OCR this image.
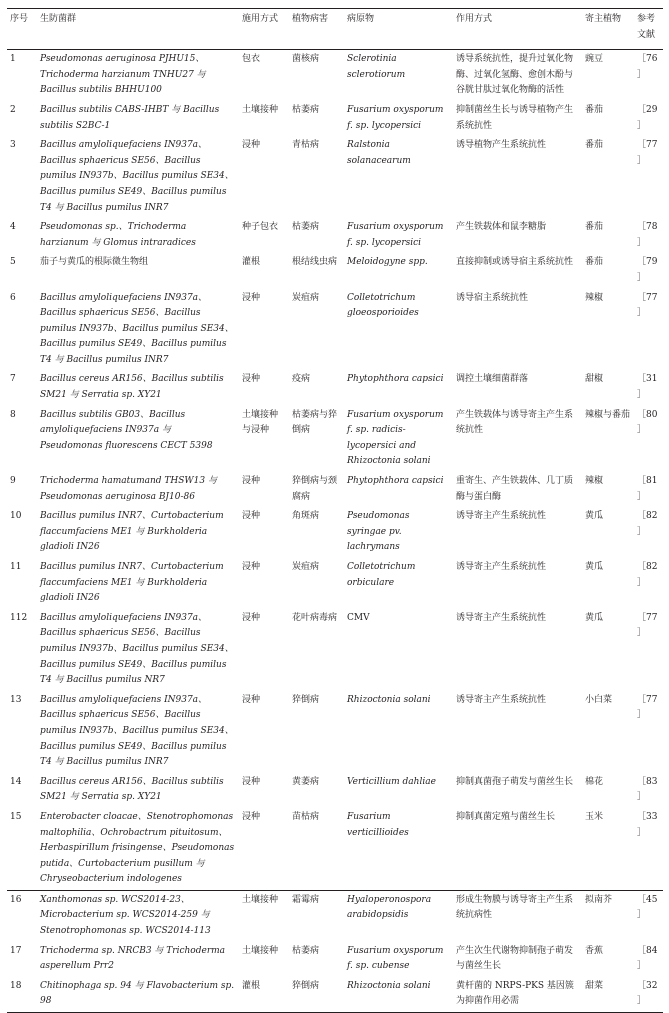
序号	生防菌群	施用方式	植物病害	病原物	作用方式	寄主植物	参考文献
1	Pseudomonas aeruginosa PJHU15、Trichoderma harzianum TNHU27 与 Bacillus subtilis BHHU100	包衣	菌核病	Sclerotinia sclerotiorum	诱导系统抗性，提升过氧化物酶、过氧化氢酶、愈创木酚与谷胱甘肽过氧化物酶的活性	豌豆	［76］
2	Bacillus subtilis CABS-IHBT 与 Bacillus subtilis S2BC-1	土壤接种	枯萎病	Fusarium oxysporum f. sp. lycopersici	抑制菌丝生长与诱导植物产生系统抗性	番茄	［29］
3	Bacillus amyloliquefaciens IN937a、Bacillus sphaericus SE56、Bacillus pumilus IN937b、Bacillus pumilus SE34、Bacillus pumilus SE49、Bacillus pumilus T4 与 Bacillus pumilus INR7	浸种	青枯病	Ralstonia solanacearum	诱导植物产生系统抗性	番茄	［77］
4	Pseudomonas sp.、Trichoderma harzianum 与 Glomus intraradices	种子包衣	枯萎病	Fusarium oxysporum f. sp. lycopersici	产生铁载体和鼠李糖脂	番茄	［78］
5	茄子与黄瓜的根际微生物组	灌根	根结线虫病	Meloidogyne spp.	直接抑制或诱导宿主系统抗性	番茄	［79］
6	Bacillus amyloliquefaciens IN937a、Bacillus sphaericus SE56、Bacillus pumilus IN937b、Bacillus pumilus SE34、Bacillus pumilus SE49、Bacillus pumilus T4 与 Bacillus pumilus INR7	浸种	炭疽病	Colletotrichum gloeosporioides	诱导宿主系统抗性	辣椒	［77］
7	Bacillus cereus AR156、Bacillus subtilis SM21 与 Serratia sp. XY21	浸种	疫病	Phytophthora capsici	调控土壤细菌群落	甜椒	［31］
8	Bacillus subtilis GB03、Bacillus amyloliquefaciens IN937a 与 Pseudomonas fluorescens CECT 5398	土壤接种与浸种	枯萎病与猝倒病	Fusarium oxysporum f. sp. radicis-lycopersici and Rhizoctonia solani	产生铁载体与诱导寄主产生系统抗性	辣椒与番茄	［80］
9	Trichoderma hamatumand THSW13 与 Pseudomonas aeruginosa BJ10-86	浸种	猝倒病与颈腐病	Phytophthora capsici	重寄生、产生铁载体、几丁质酶与蛋白酶	辣椒	［81］
10	Bacillus pumilus INR7、Curtobacterium flaccumfaciens ME1 与 Burkholderia gladioli IN26	浸种	角斑病	Pseudomonas syringae pv. lachrymans	诱导寄主产生系统抗性	黄瓜	［82］
11	Bacillus pumilus INR7、Curtobacterium flaccumfaciens ME1 与 Burkholderia gladioli IN26	浸种	炭疽病	Colletotrichum orbiculare	诱导寄主产生系统抗性	黄瓜	［82］
112	Bacillus amyloliquefaciens IN937a、Bacillus sphaericus SE56、Bacillus pumilus IN937b、Bacillus pumilus SE34、Bacillus pumilus SE49、Bacillus pumilus T4 与 Bacillus pumilus NR7	浸种	花叶病毒病	CMV	诱导寄主产生系统抗性	黄瓜	［77］
13	Bacillus amyloliquefaciens IN937a、Bacillus sphaericus SE56、Bacillus pumilus IN937b、Bacillus pumilus SE34、Bacillus pumilus SE49、Bacillus pumilus T4 与 Bacillus pumilus INR7	浸种	猝倒病	Rhizoctonia solani	诱导寄主产生系统抗性	小白菜	［77］
14	Bacillus cereus AR156、Bacillus subtilis SM21 与 Serratia sp. XY21	浸种	黄萎病	Verticillium dahliae	抑制真菌孢子萌发与菌丝生长	棉花	［83］
15	Enterobacter cloacae、Stenotrophomonas maltophilia、Ochrobactrum pituitosum、Herbaspirillum frisingense、Pseudomonas putida、Curtobacterium pusillum 与 Chryseobacterium indologenes	浸种	苗枯病	Fusarium verticillioides	抑制真菌定殖与菌丝生长	玉米	［33］
16	Xanthomonas sp. WCS2014-23、Microbacterium sp. WCS2014-259 与 Stenotrophomonas sp. WCS2014-113	土壤接种	霜霉病	Hyaloperonospora arabidopsidis	形成生物膜与诱导寄主产生系统抗病性	拟南芥	［45］
17	Trichoderma sp. NRCB3 与 Trichoderma asperellum Prr2	土壤接种	枯萎病	Fusarium oxysporum f. sp. cubense	产生次生代谢物抑制孢子萌发与菌丝生长	香蕉	［84］
18	Chitinophaga sp. 94 与 Flavobacterium sp. 98	灌根	猝倒病	Rhizoctonia solani	黄杆菌的 NRPS-PKS 基因簇为抑菌作用必需	甜菜	［32］
